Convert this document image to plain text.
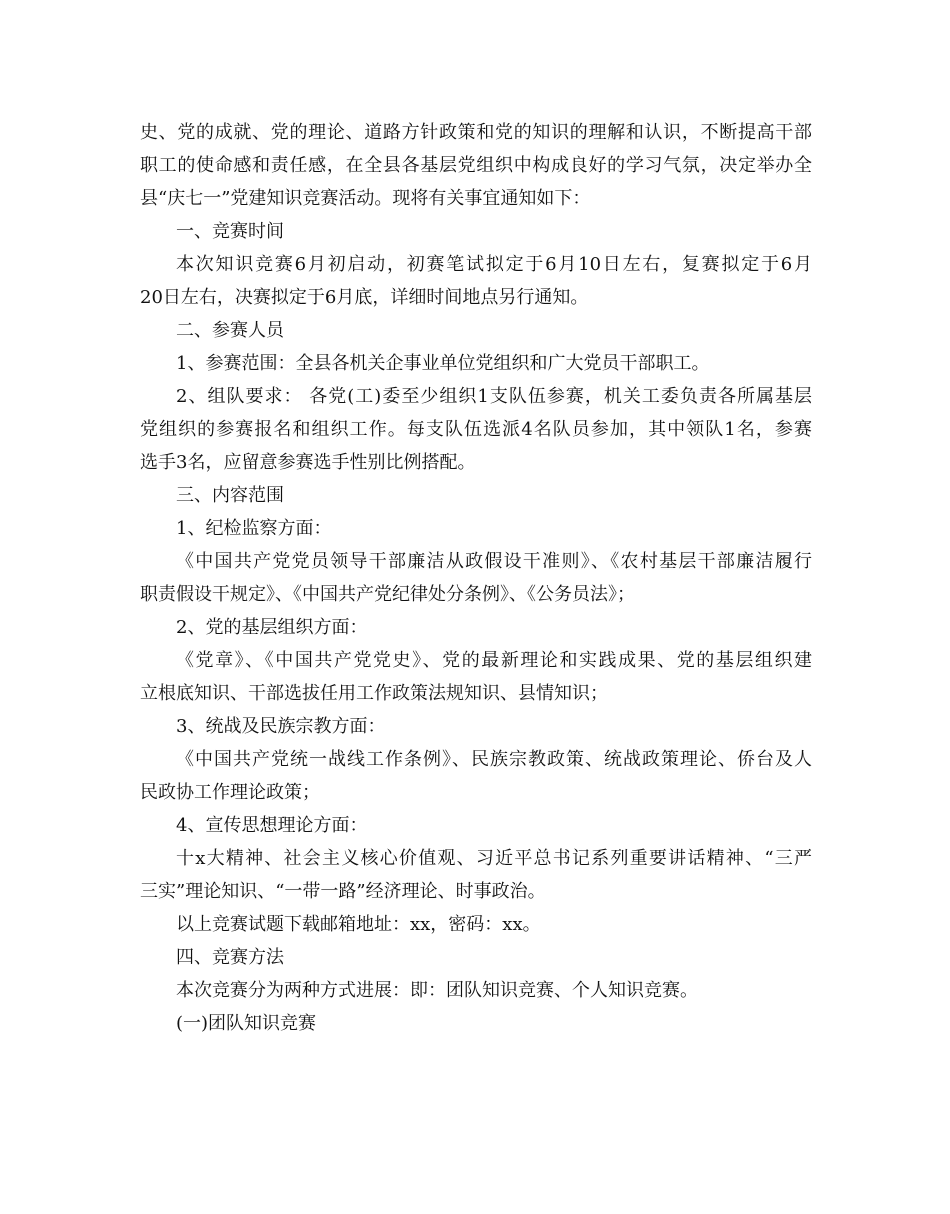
史、党的成就、党的理论、道路方针政策和党的知识的理解和认识，不断提高干部
职工的使命感和责任感，在全县各基层党组织中构成良好的学习气氛，决定举办全
县“庆七一”党建知识竞赛活动。现将有关事宜通知如下：
一、竞赛时间
本次知识竞赛6月初启动，初赛笔试拟定于6月10日左右，复赛拟定于6月
20日左右，决赛拟定于6月底，详细时间地点另行通知。
二、参赛人员
1、参赛范围：全县各机关企事业单位党组织和广大党员干部职工。
2、组队要求： 各党(工)委至少组织1支队伍参赛，机关工委负责各所属基层
党组织的参赛报名和组织工作。每支队伍选派4名队员参加，其中领队1名，参赛
选手3名，应留意参赛选手性别比例搭配。
三、内容范围
1、纪检监察方面：
《中国共产党党员领导干部廉洁从政假设干准则》、《农村基层干部廉洁履行
职责假设干规定》、《中国共产党纪律处分条例》、《公务员法》；
2、党的基层组织方面：
《党章》、《中国共产党党史》、党的最新理论和实践成果、党的基层组织建
立根底知识、干部选拔任用工作政策法规知识、县情知识；
3、统战及民族宗教方面：
《中国共产党统一战线工作条例》、民族宗教政策、统战政策理论、侨台及人
民政协工作理论政策；
4、宣传思想理论方面：
十x大精神、社会主义核心价值观、习近平总书记系列重要讲话精神、“三严
三实”理论知识、“一带一路”经济理论、时事政治。
以上竞赛试题下载邮箱地址：xx，密码：xx。
四、竞赛方法
本次竞赛分为两种方式进展：即：团队知识竞赛、个人知识竞赛。
(一)团队知识竞赛
